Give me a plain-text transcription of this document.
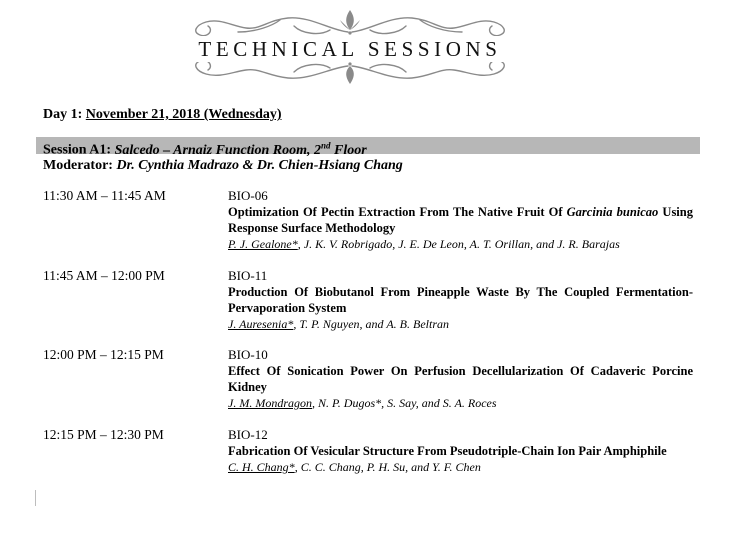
TECHNICAL SESSIONS
Day 1: November 21, 2018 (Wednesday)
Session A1: Salcedo – Arnaiz Function Room, 2nd Floor
Moderator: Dr. Cynthia Madrazo & Dr. Chien-Hsiang Chang
11:30 AM – 11:45 AM	BIO-06
Optimization Of Pectin Extraction From The Native Fruit Of Garcinia bunicao Using Response Surface Methodology
P. J. Gealone*, J. K. V. Robrigado, J. E. De Leon, A. T. Orillan, and J. R. Barajas
11:45 AM – 12:00 PM	BIO-11
Production Of Biobutanol From Pineapple Waste By The Coupled Fermentation- Pervaporation System
J. Auresenia*, T. P. Nguyen, and A. B. Beltran
12:00 PM – 12:15 PM	BIO-10
Effect Of Sonication Power On Perfusion Decellularization Of Cadaveric Porcine Kidney
J. M. Mondragon, N. P. Dugos*, S. Say, and S. A. Roces
12:15 PM – 12:30 PM	BIO-12
Fabrication Of Vesicular Structure From Pseudotriple-Chain Ion Pair Amphiphile
C. H. Chang*, C. C. Chang, P. H. Su, and Y. F. Chen
